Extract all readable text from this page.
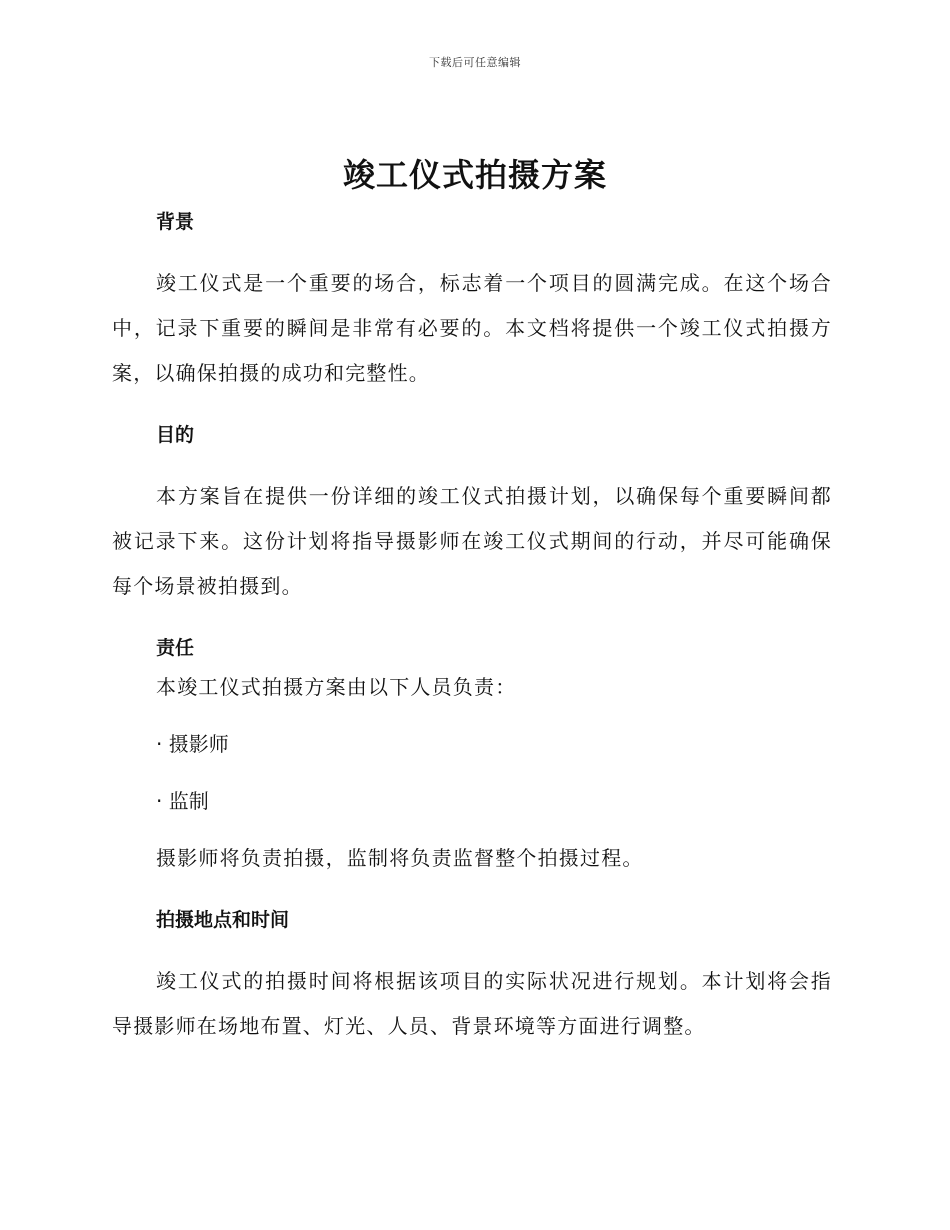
下载后可任意编辑
竣工仪式拍摄方案
背景

竣工仪式是一个重要的场合，标志着一个项目的圆满完成。在这个场合中，记录下重要的瞬间是非常有必要的。本文档将提供一个竣工仪式拍摄方案，以确保拍摄的成功和完整性。

目的

本方案旨在提供一份详细的竣工仪式拍摄计划，以确保每个重要瞬间都被记录下来。这份计划将指导摄影师在竣工仪式期间的行动，并尽可能确保每个场景被拍摄到。

责任

本竣工仪式拍摄方案由以下人员负责：

· 摄影师

· 监制

摄影师将负责拍摄，监制将负责监督整个拍摄过程。

拍摄地点和时间

竣工仪式的拍摄时间将根据该项目的实际状况进行规划。本计划将会指导摄影师在场地布置、灯光、人员、背景环境等方面进行调整。
